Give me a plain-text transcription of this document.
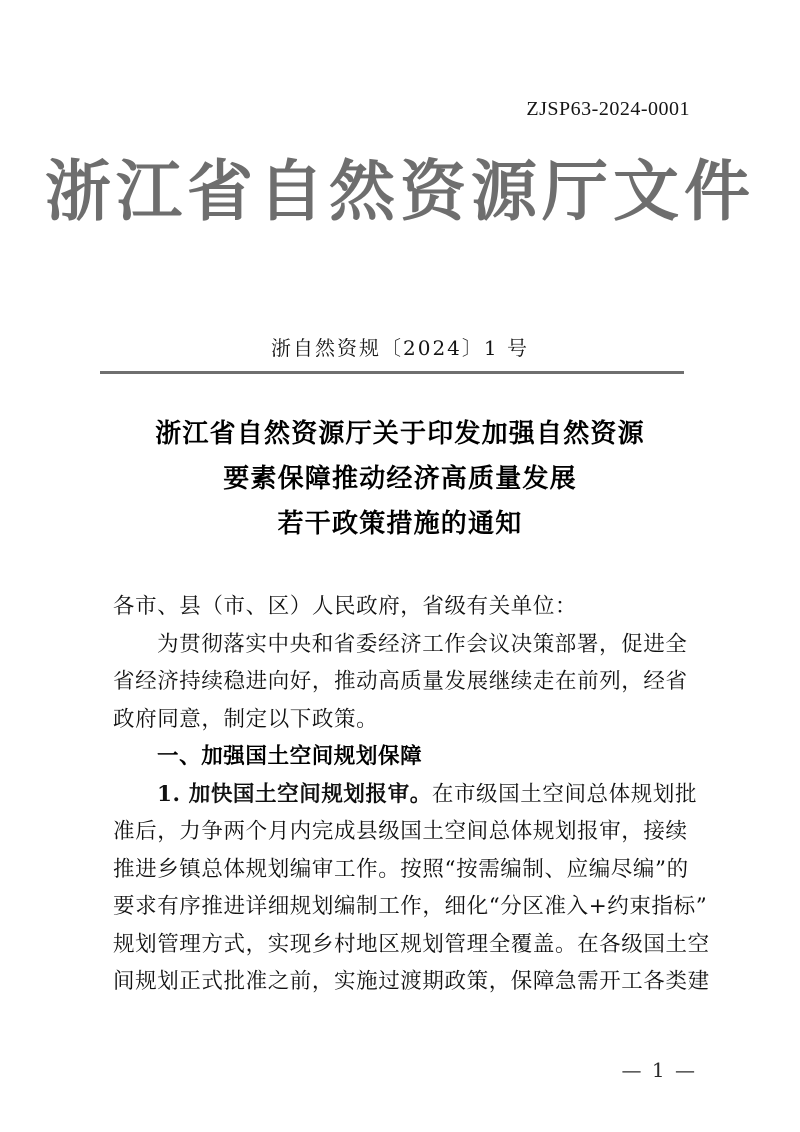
ZJSP63-2024-0001
浙江省自然资源厅文件
浙自然资规〔2024〕1 号
浙江省自然资源厅关于印发加强自然资源
要素保障推动经济高质量发展
若干政策措施的通知
各市、县（市、区）人民政府，省级有关单位：
为贯彻落实中央和省委经济工作会议决策部署，促进全
省经济持续稳进向好，推动高质量发展继续走在前列，经省
政府同意，制定以下政策。
一、加强国土空间规划保障
1. 加快国土空间规划报审。在市级国土空间总体规划批
准后，力争两个月内完成县级国土空间总体规划报审，接续
推进乡镇总体规划编审工作。按照“按需编制、应编尽编”的
要求有序推进详细规划编制工作，细化“分区准入+约束指标”
规划管理方式，实现乡村地区规划管理全覆盖。在各级国土空
间规划正式批准之前，实施过渡期政策，保障急需开工各类建
— 1 —
